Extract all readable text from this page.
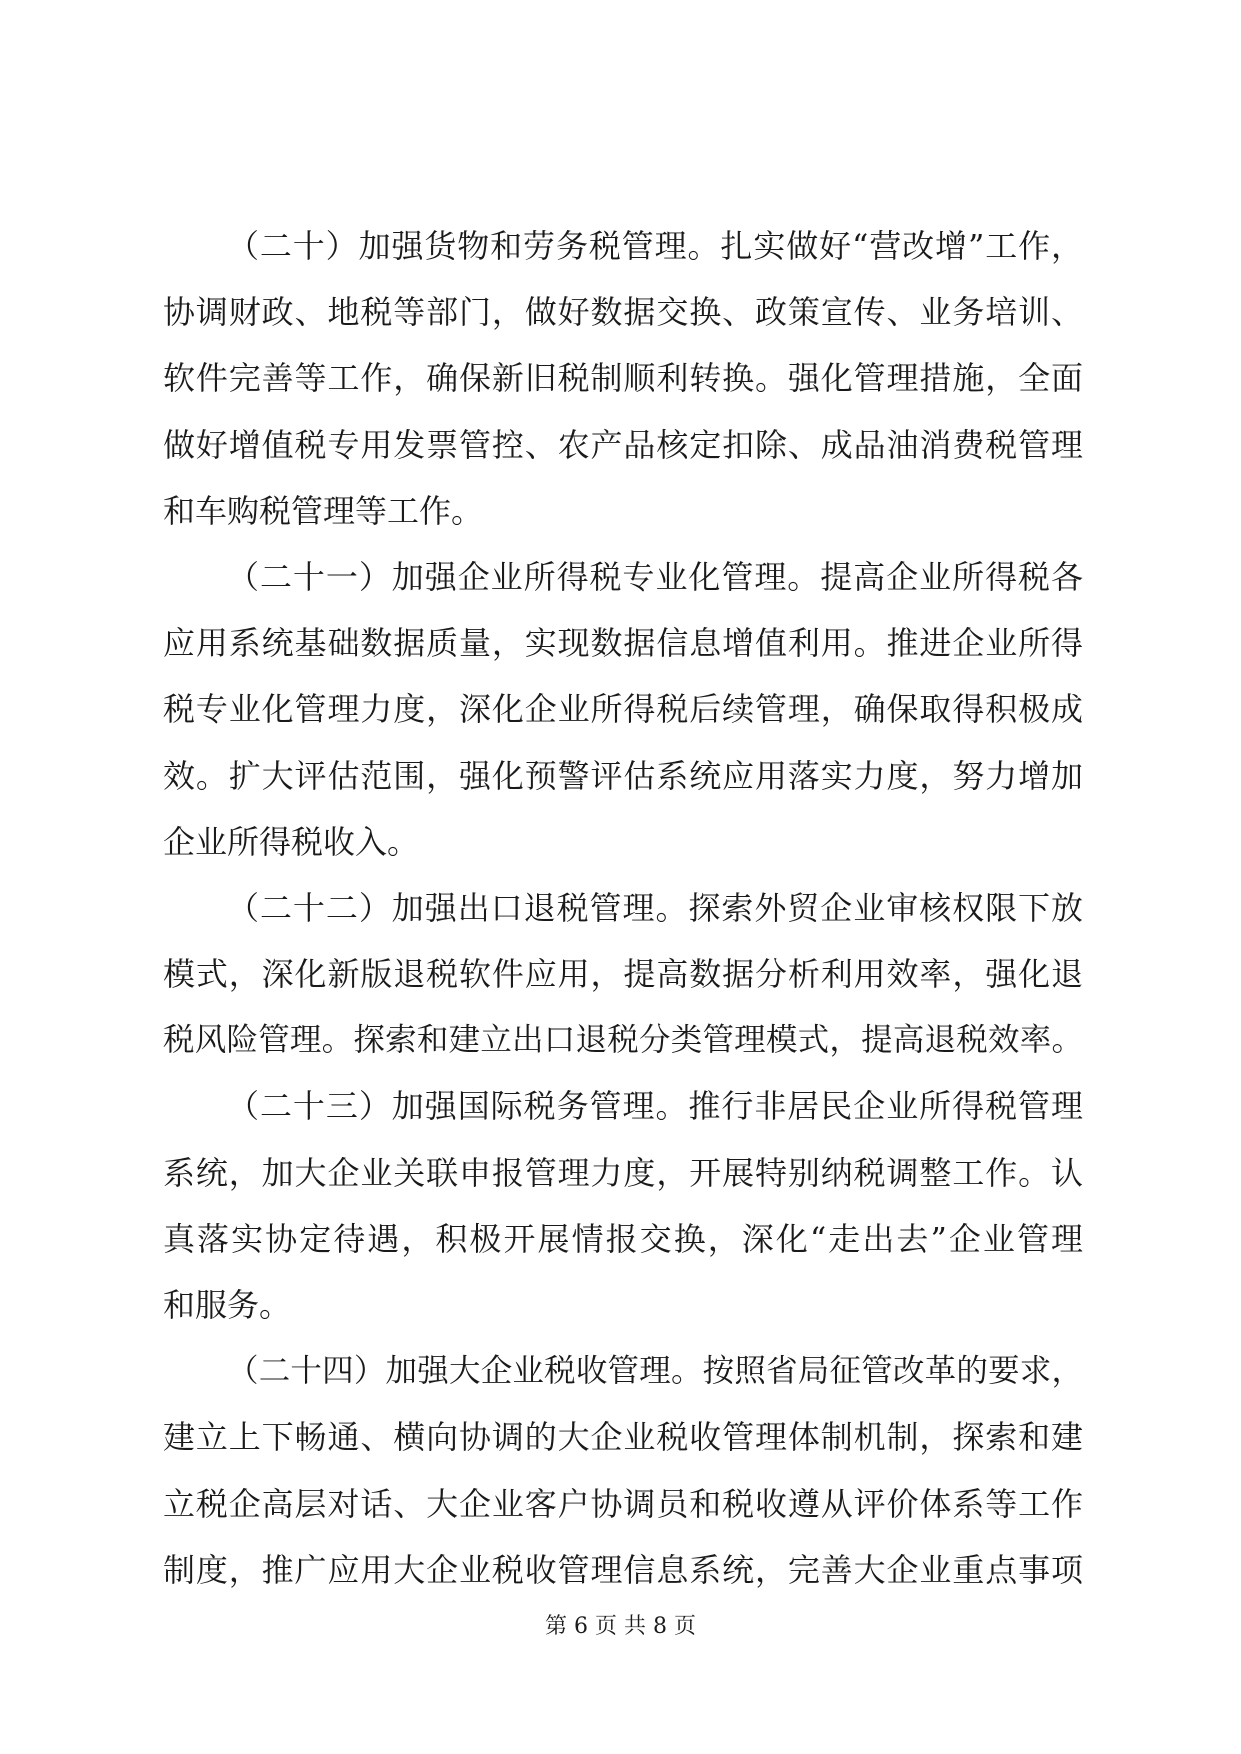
（二十）加强货物和劳务税管理。扎实做好“营改增”工作，
协调财政、地税等部门，做好数据交换、政策宣传、业务培训、
软件完善等工作，确保新旧税制顺利转换。强化管理措施，全面
做好增值税专用发票管控、农产品核定扣除、成品油消费税管理
和车购税管理等工作。
（二十一）加强企业所得税专业化管理。提高企业所得税各
应用系统基础数据质量，实现数据信息增值利用。推进企业所得
税专业化管理力度，深化企业所得税后续管理，确保取得积极成
效。扩大评估范围，强化预警评估系统应用落实力度，努力增加
企业所得税收入。
（二十二）加强出口退税管理。探索外贸企业审核权限下放
模式，深化新版退税软件应用，提高数据分析利用效率，强化退
税风险管理。探索和建立出口退税分类管理模式，提高退税效率。
（二十三）加强国际税务管理。推行非居民企业所得税管理
系统，加大企业关联申报管理力度，开展特别纳税调整工作。认
真落实协定待遇，积极开展情报交换，深化“走出去”企业管理
和服务。
（二十四）加强大企业税收管理。按照省局征管改革的要求，
建立上下畅通、横向协调的大企业税收管理体制机制，探索和建
立税企高层对话、大企业客户协调员和税收遵从评价体系等工作
制度，推广应用大企业税收管理信息系统，完善大企业重点事项
第 6 页 共 8 页
